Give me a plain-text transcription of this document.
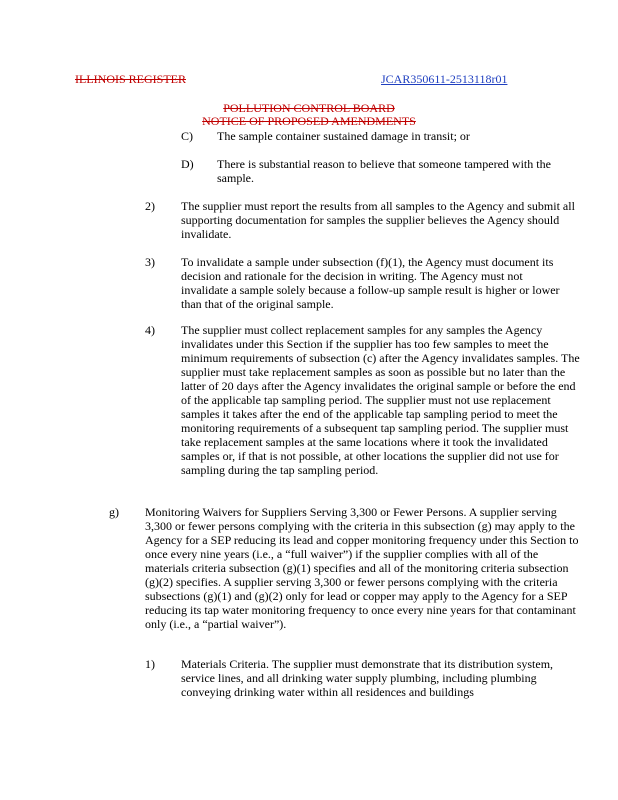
ILLINOIS REGISTER	JCAR350611-2513118r01
POLLUTION CONTROL BOARD
NOTICE OF PROPOSED AMENDMENTS
C) The sample container sustained damage in transit; or

D) There is substantial reason to believe that someone tampered with the sample.

2) The supplier must report the results from all samples to the Agency and submit all supporting documentation for samples the supplier believes the Agency should invalidate.

3) To invalidate a sample under subsection (f)(1), the Agency must document its decision and rationale for the decision in writing. The Agency must not invalidate a sample solely because a follow-up sample result is higher or lower than that of the original sample.

4) The supplier must collect replacement samples for any samples the Agency invalidates under this Section if the supplier has too few samples to meet the minimum requirements of subsection (c) after the Agency invalidates samples. The supplier must take replacement samples as soon as possible but no later than the latter of 20 days after the Agency invalidates the original sample or before the end of the applicable tap sampling period. The supplier must not use replacement samples it takes after the end of the applicable tap sampling period to meet the monitoring requirements of a subsequent tap sampling period. The supplier must take replacement samples at the same locations where it took the invalidated samples or, if that is not possible, at other locations the supplier did not use for sampling during the tap sampling period.

g) Monitoring Waivers for Suppliers Serving 3,300 or Fewer Persons. A supplier serving 3,300 or fewer persons complying with the criteria in this subsection (g) may apply to the Agency for a SEP reducing its lead and copper monitoring frequency under this Section to once every nine years (i.e., a “full waiver”) if the supplier complies with all of the materials criteria subsection (g)(1) specifies and all of the monitoring criteria subsection (g)(2) specifies. A supplier serving 3,300 or fewer persons complying with the criteria subsections (g)(1) and (g)(2) only for lead or copper may apply to the Agency for a SEP reducing its tap water monitoring frequency to once every nine years for that contaminant only (i.e., a “partial waiver”).

1) Materials Criteria. The supplier must demonstrate that its distribution system, service lines, and all drinking water supply plumbing, including plumbing conveying drinking water within all residences and buildings
